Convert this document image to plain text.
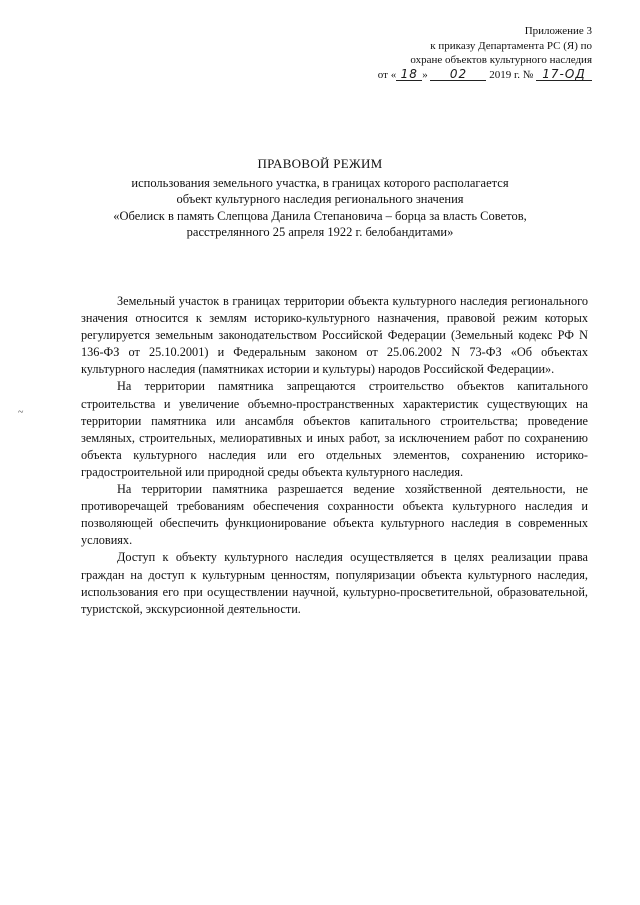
Приложение 3
к приказу Департамента РС (Я) по
охране объектов культурного наследия
от « 18 » 02 2019 г. № 17-ОД
ПРАВОВОЙ РЕЖИМ
использования земельного участка, в границах которого располагается
объект культурного наследия регионального значения
«Обелиск в память Слепцова Данила Степановича – борца за власть Советов,
расстрелянного 25 апреля 1922 г. белобандитами»
~

Земельный участок в границах территории объекта культурного наследия регионального значения относится к землям историко-культурного назначения, правовой режим которых регулируется земельным законодательством Российской Федерации (Земельный кодекс РФ N 136-ФЗ от 25.10.2001) и Федеральным законом от 25.06.2002 N 73-ФЗ «Об объектах культурного наследия (памятниках истории и культуры) народов Российской Федерации».

На территории памятника запрещаются строительство объектов капитального строительства и увеличение объемно-пространственных характеристик существующих на территории памятника или ансамбля объектов капитального строительства; проведение земляных, строительных, мелиоративных и иных работ, за исключением работ по сохранению объекта культурного наследия или его отдельных элементов, сохранению историко-градостроительной или природной среды объекта культурного наследия.

На территории памятника разрешается ведение хозяйственной деятельности, не противоречащей требованиям обеспечения сохранности объекта культурного наследия и позволяющей обеспечить функционирование объекта культурного наследия в современных условиях.

Доступ к объекту культурного наследия осуществляется в целях реализации права граждан на доступ к культурным ценностям, популяризации объекта культурного наследия, использования его при осуществлении научной, культурно-просветительной, образовательной, туристской, экскурсионной деятельности.
